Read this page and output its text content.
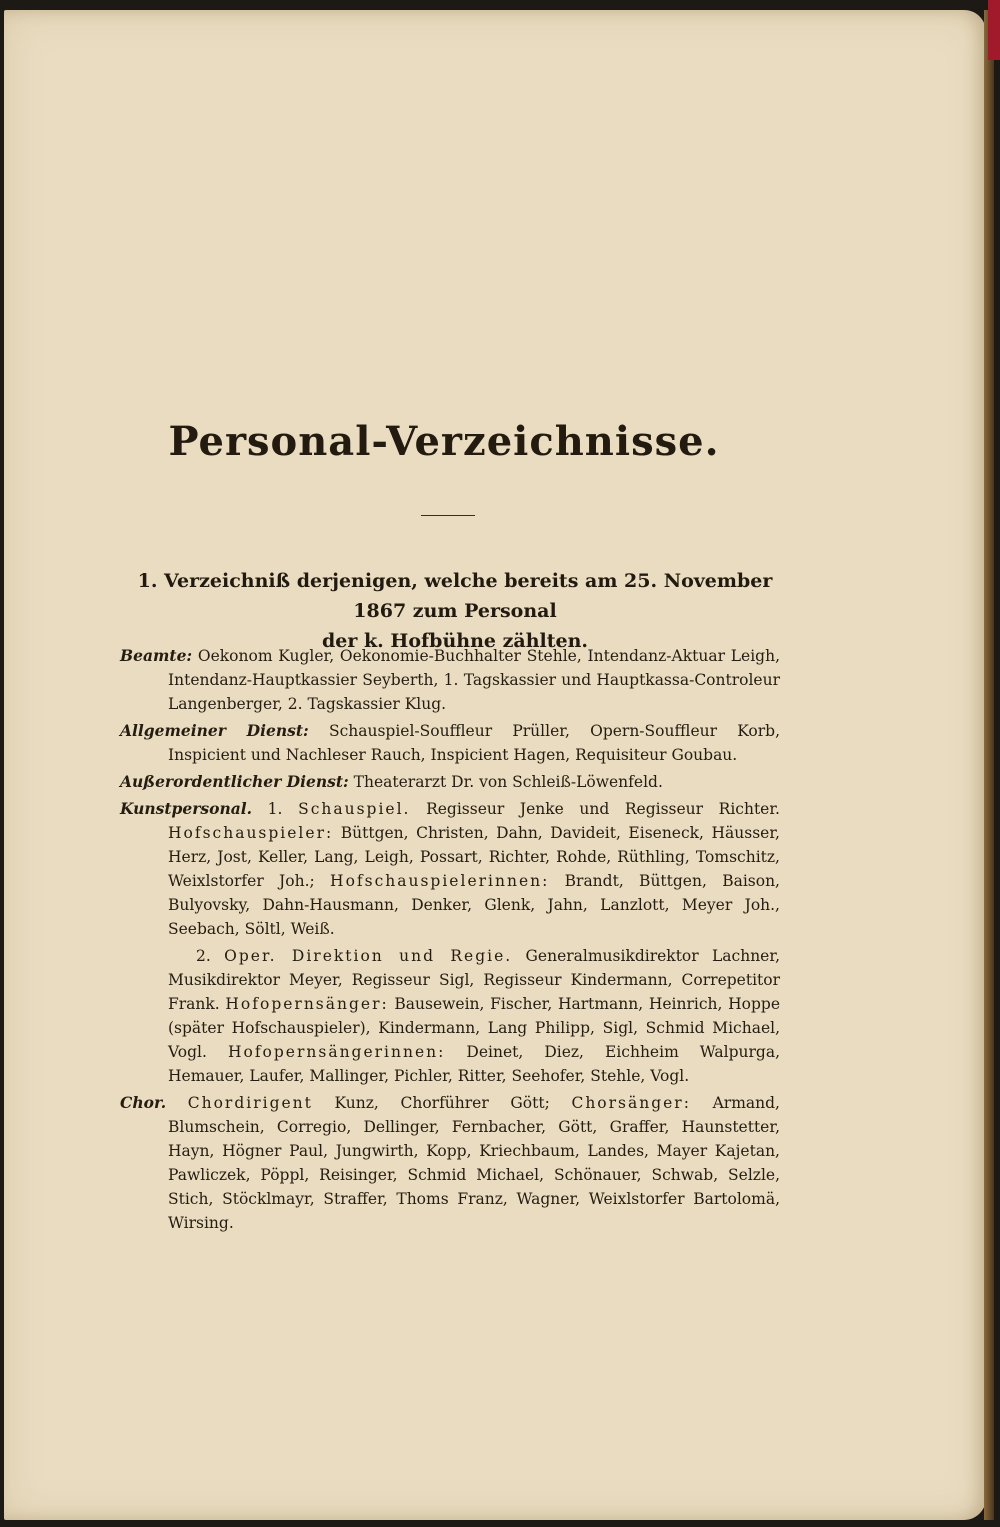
Personal-Verzeichnisse.
1. Verzeichniß derjenigen, welche bereits am 25. November 1867 zum Personal
der k. Hofbühne zählten.

Beamte: Oekonom Kugler, Oekonomie-Buchhalter Stehle, Intendanz-Aktuar Leigh, Intendanz-Hauptkassier Seyberth, 1. Tagskassier und Hauptkassa-Controleur Langenberger, 2. Tagskassier Klug.

Allgemeiner Dienst: Schauspiel-Souffleur Prüller, Opern-Souffleur Korb, Inspicient und Nachleser Rauch, Inspicient Hagen, Requisiteur Goubau.

Außerordentlicher Dienst: Theaterarzt Dr. von Schleiß-Löwenfeld.

Kunstpersonal. 1. Schauspiel. Regisseur Jenke und Regisseur Richter. Hofschauspieler: Büttgen, Christen, Dahn, Davideit, Eiseneck, Häusser, Herz, Jost, Keller, Lang, Leigh, Possart, Richter, Rohde, Rüthling, Tomschitz, Weixlstorfer Joh.; Hofschauspielerinnen: Brandt, Büttgen, Baison, Bulyovsky, Dahn-Hausmann, Denker, Glenk, Jahn, Lanzlott, Meyer Joh., Seebach, Söltl, Weiß.

2. Oper. Direktion und Regie. Generalmusikdirektor Lachner, Musikdirektor Meyer, Regisseur Sigl, Regisseur Kindermann, Correpetitor Frank. Hofopernsänger: Bausewein, Fischer, Hartmann, Heinrich, Hoppe (später Hofschauspieler), Kindermann, Lang Philipp, Sigl, Schmid Michael, Vogl. Hofopernsängerinnen: Deinet, Diez, Eichheim Walpurga, Hemauer, Laufer, Mallinger, Pichler, Ritter, Seehofer, Stehle, Vogl.

Chor. Chordirigent Kunz, Chorführer Gött; Chorsänger: Armand, Blumschein, Corregio, Dellinger, Fernbacher, Gött, Graffer, Haunstetter, Hayn, Högner Paul, Jungwirth, Kopp, Kriechbaum, Landes, Mayer Kajetan, Pawliczek, Pöppl, Reisinger, Schmid Michael, Schönauer, Schwab, Selzle, Stich, Stöcklmayr, Straffer, Thoms Franz, Wagner, Weixlstorfer Bartolomä, Wirsing.
